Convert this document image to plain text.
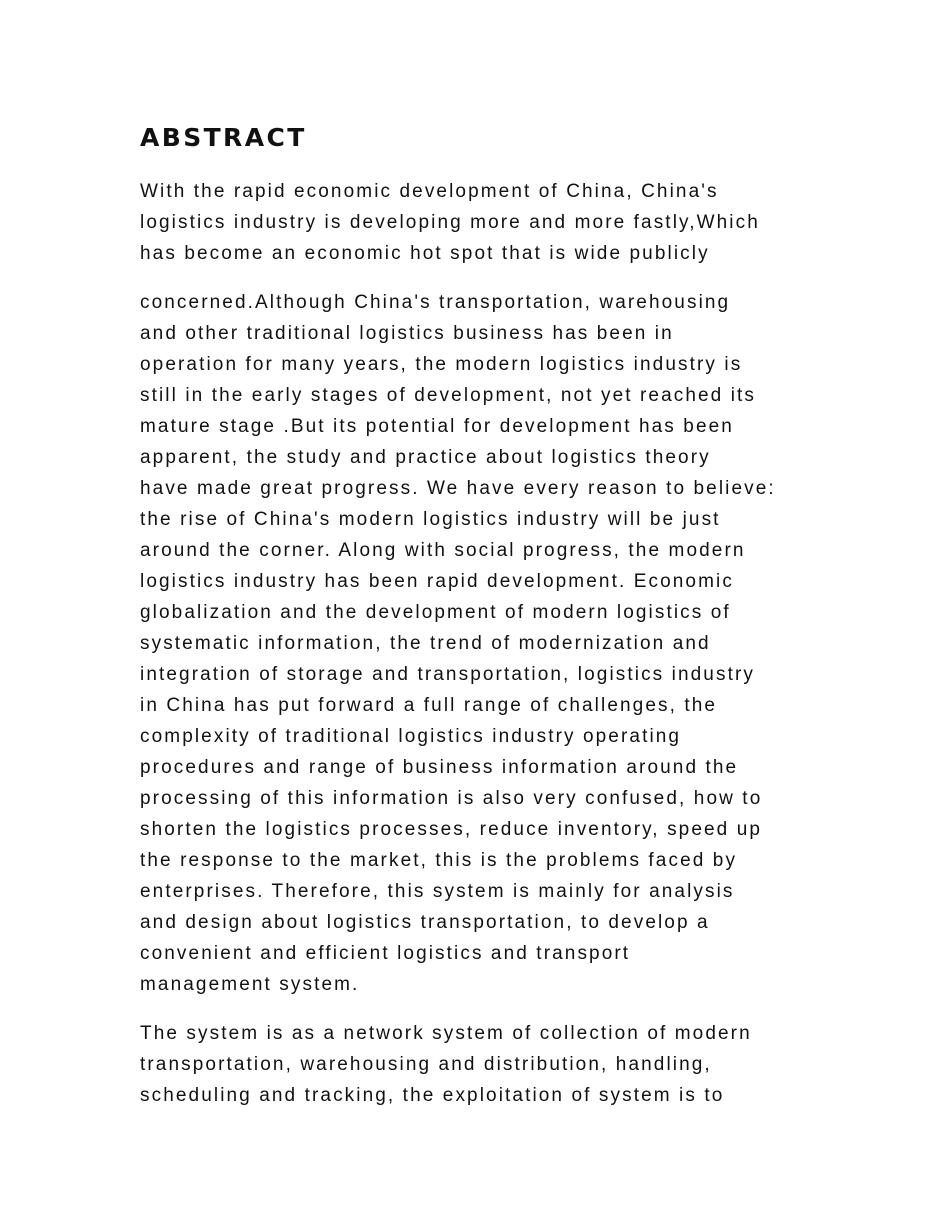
ABSTRACT

With the rapid economic development of China, China's
logistics industry is developing more and more fastly,Which
has become an economic hot spot that is wide publicly

concerned.Although China's transportation, warehousing
and other traditional logistics business has been in
operation for many years, the modern logistics industry is
still in the early stages of development, not yet reached its
mature stage .But its potential for development has been
apparent, the study and practice about logistics theory
have made great progress. We have every reason to believe:
the rise of China's modern logistics industry will be just
around the corner. Along with social progress, the modern
logistics industry has been rapid development. Economic
globalization and the development of modern logistics of
systematic information, the trend of modernization and
integration of storage and transportation, logistics industry
in China has put forward a full range of challenges, the
complexity of traditional logistics industry operating
procedures and range of business information around the
processing of this information is also very confused, how to
shorten the logistics processes, reduce inventory, speed up
the response to the market, this is the problems faced by
enterprises. Therefore, this system is mainly for analysis
and design about logistics transportation, to develop a
convenient and efficient logistics and transport
management system.

The system is as a network system of collection of modern
transportation, warehousing and distribution, handling,
scheduling and tracking, the exploitation of system is to
